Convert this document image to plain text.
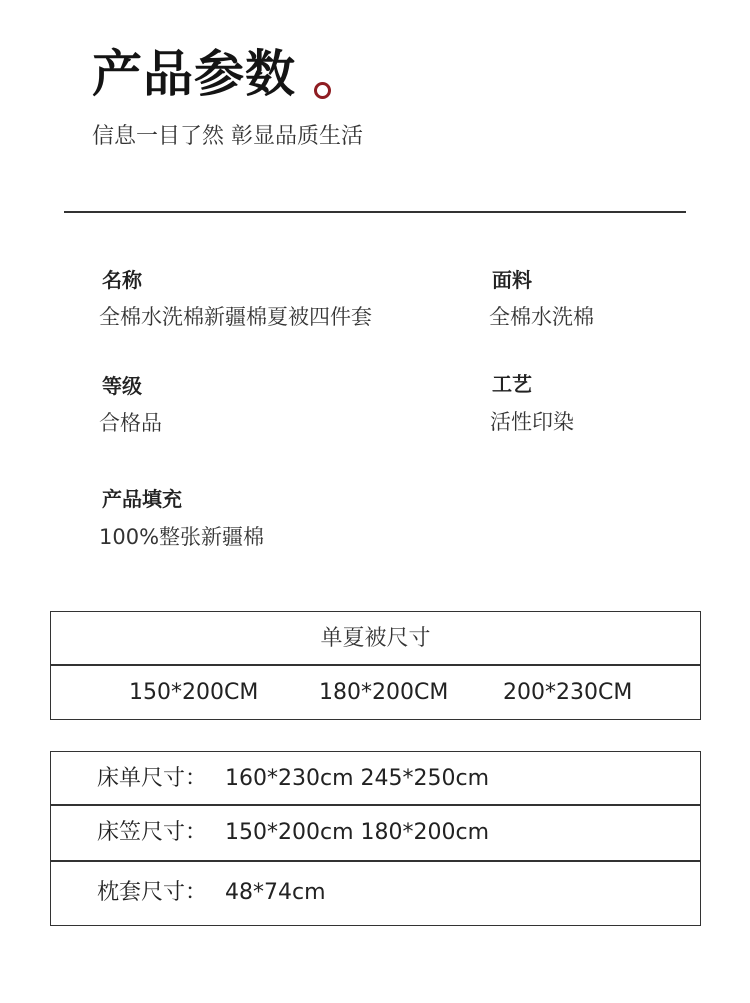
产品参数
信息一目了然 彰显品质生活
名称
全棉水洗棉新疆棉夏被四件套
面料
全棉水洗棉
等级
合格品
工艺
活性印染
产品填充
100%整张新疆棉
单夏被尺寸
150*200CM	180*200CM 200*230CM
床单尺寸： 160*230cm 245*250cm
床笠尺寸： 150*200cm 180*200cm
枕套尺寸： 48*74cm
